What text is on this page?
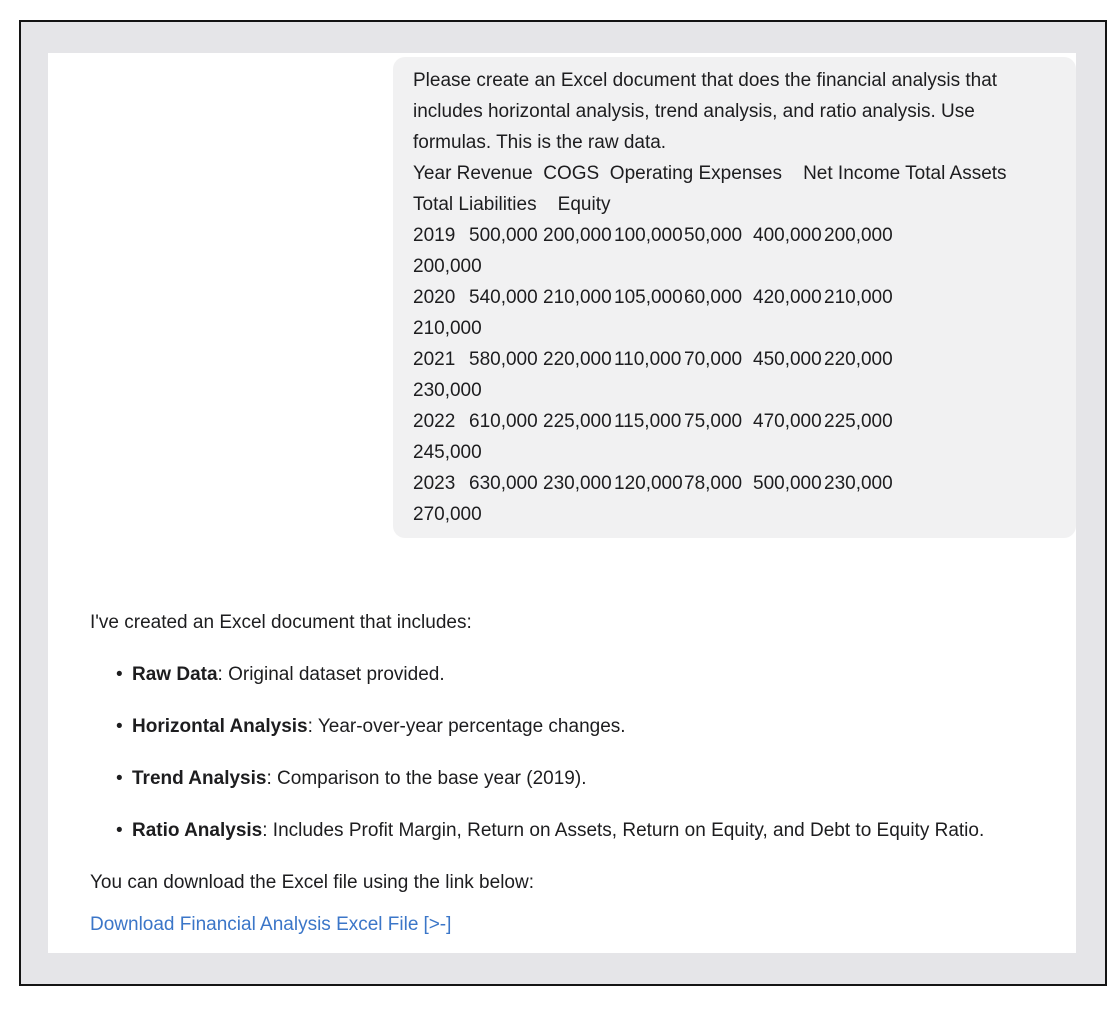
Please create an Excel document that does the financial analysis that
includes horizontal analysis, trend analysis, and ratio analysis. Use
formulas. This is the raw data.
Year Revenue  COGS  Operating Expenses    Net Income Total Assets
Total Liabilities    Equity
2019 500,000 200,000 100,000 50,000 400,000 200,000
200,000
2020 540,000 210,000 105,000 60,000 420,000 210,000
210,000
2021 580,000 220,000 110,000 70,000 450,000 220,000
230,000
2022 610,000 225,000 115,000 75,000 470,000 225,000
245,000
2023 630,000 230,000 120,000 78,000 500,000 230,000
270,000

I've created an Excel document that includes:

• Raw Data: Original dataset provided.
• Horizontal Analysis: Year-over-year percentage changes.
• Trend Analysis: Comparison to the base year (2019).
• Ratio Analysis: Includes Profit Margin, Return on Assets, Return on Equity, and Debt to Equity Ratio.

You can download the Excel file using the link below:

Download Financial Analysis Excel File [>-]
